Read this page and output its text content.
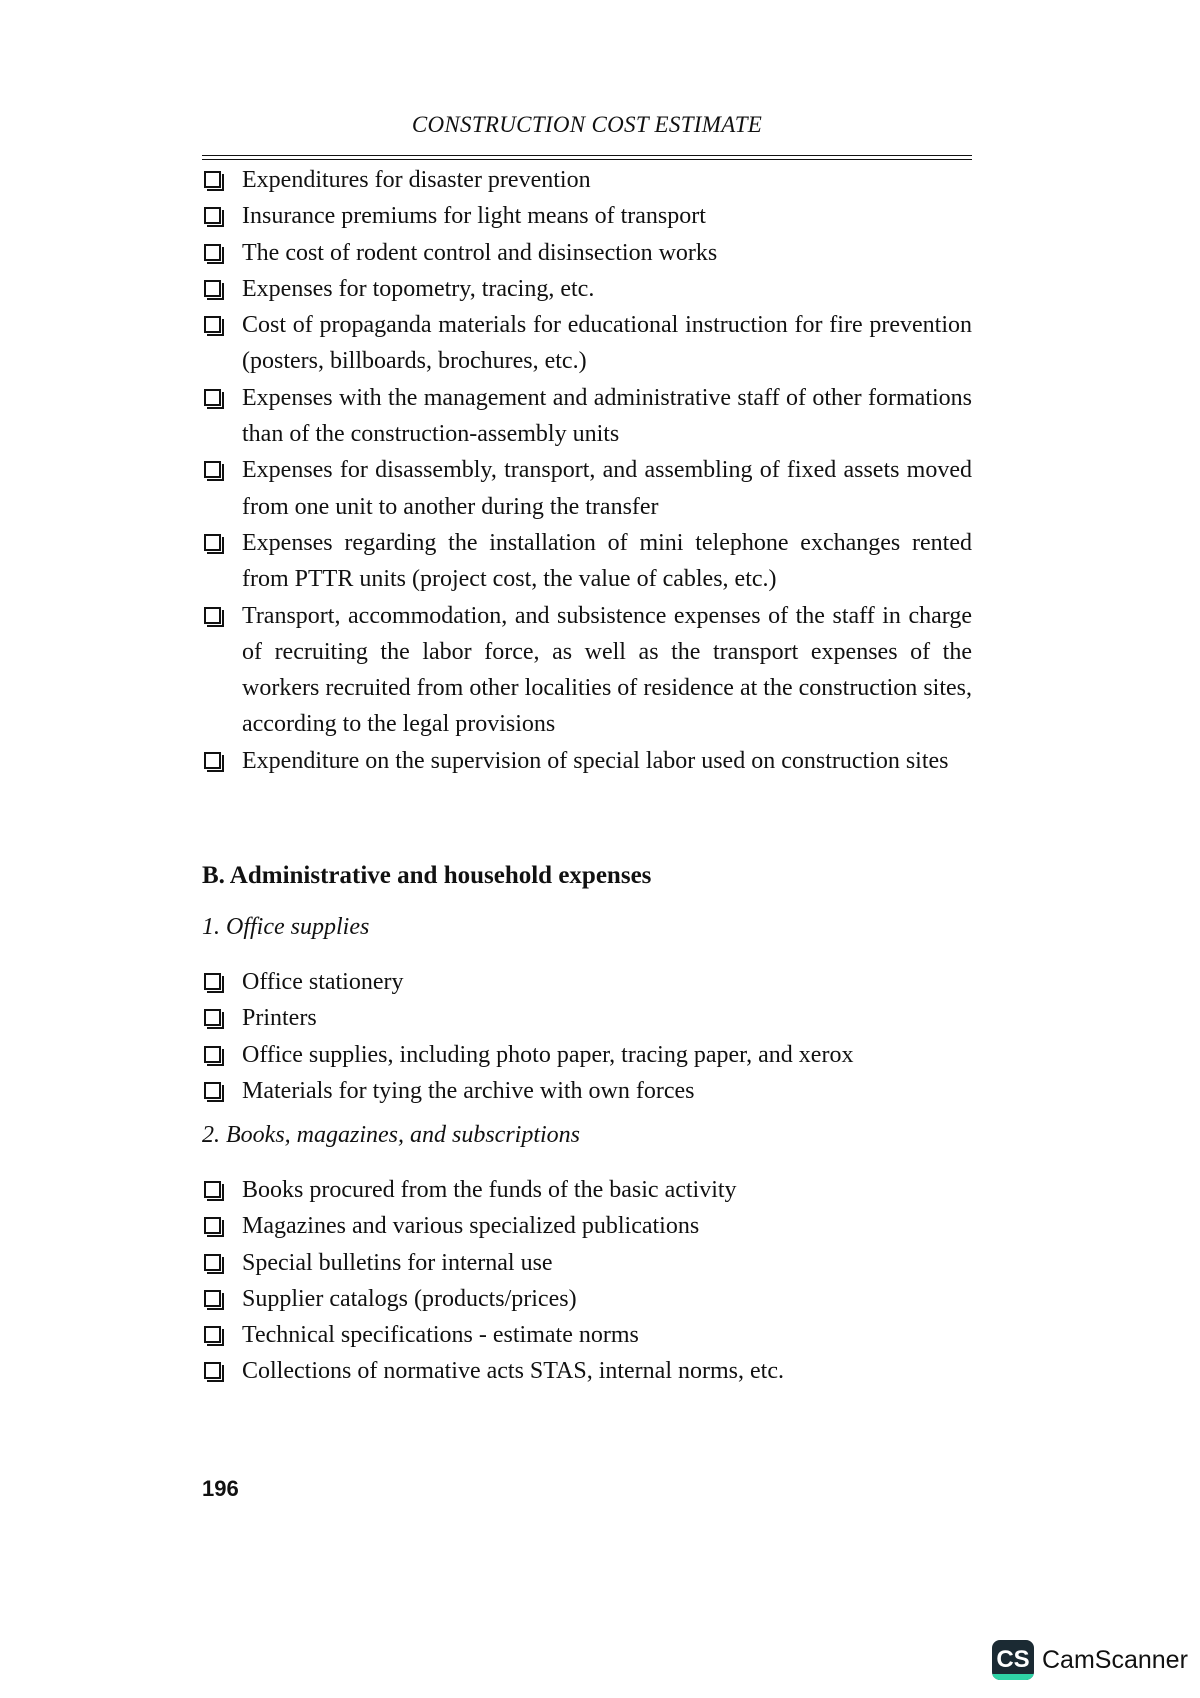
CONSTRUCTION COST ESTIMATE
Expenditures for disaster prevention
Insurance premiums for light means of transport
The cost of rodent control and disinsection works
Expenses for topometry, tracing, etc.
Cost of propaganda materials for educational instruction for fire prevention (posters, billboards, brochures, etc.)
Expenses with the management and administrative staff of other formations than of the construction-assembly units
Expenses for disassembly, transport, and assembling of fixed assets moved from one unit to another during the transfer
Expenses regarding the installation of mini telephone exchanges rented from PTTR units (project cost, the value of cables, etc.)
Transport, accommodation, and subsistence expenses of the staff in charge of recruiting the labor force, as well as the transport expenses of the workers recruited from other localities of residence at the construction sites, according to the legal provisions
Expenditure on the supervision of special labor used on construction sites
B. Administrative and household expenses
1. Office supplies
Office stationery
Printers
Office supplies, including photo paper, tracing paper, and xerox
Materials for tying the archive with own forces
2. Books, magazines, and subscriptions
Books procured from the funds of the basic activity
Magazines and various specialized publications
Special bulletins for internal use
Supplier catalogs (products/prices)
Technical specifications - estimate norms
Collections of normative acts STAS, internal norms, etc.
196
CS CamScanner
